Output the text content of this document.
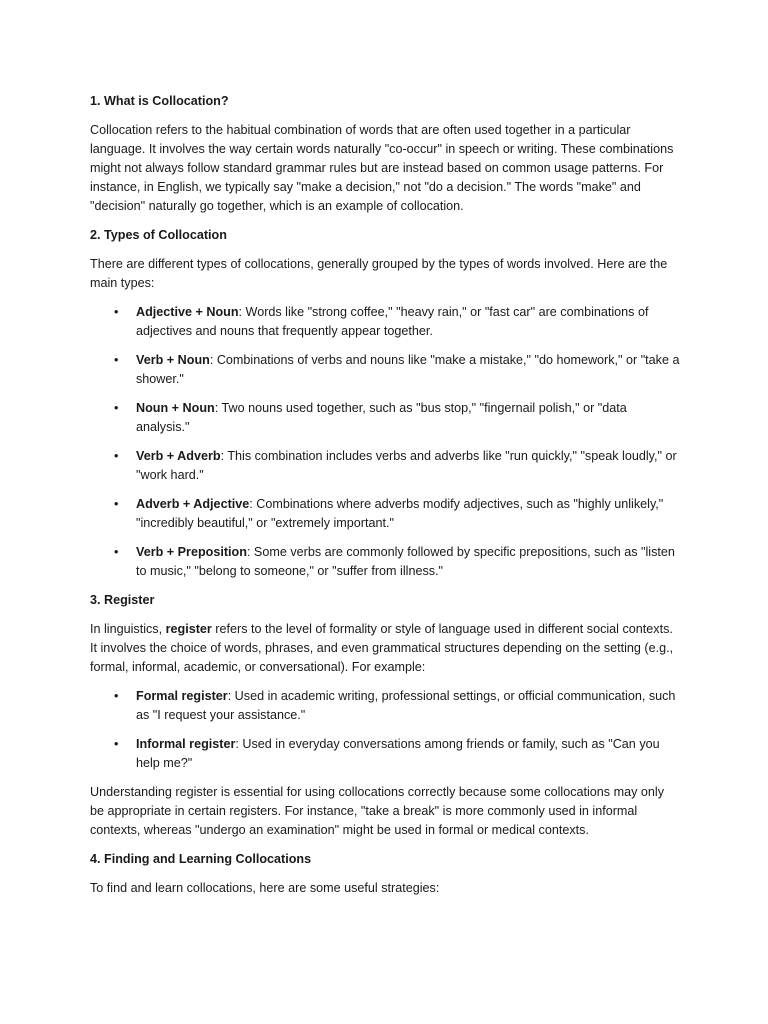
1. What is Collocation?

Collocation refers to the habitual combination of words that are often used together in a particular language. It involves the way certain words naturally "co-occur" in speech or writing. These combinations might not always follow standard grammar rules but are instead based on common usage patterns. For instance, in English, we typically say "make a decision," not "do a decision." The words "make" and "decision" naturally go together, which is an example of collocation.

2. Types of Collocation

There are different types of collocations, generally grouped by the types of words involved. Here are the main types:

• Adjective + Noun: Words like "strong coffee," "heavy rain," or "fast car" are combinations of adjectives and nouns that frequently appear together.
• Verb + Noun: Combinations of verbs and nouns like "make a mistake," "do homework," or "take a shower."
• Noun + Noun: Two nouns used together, such as "bus stop," "fingernail polish," or "data analysis."
• Verb + Adverb: This combination includes verbs and adverbs like "run quickly," "speak loudly," or "work hard."
• Adverb + Adjective: Combinations where adverbs modify adjectives, such as "highly unlikely," "incredibly beautiful," or "extremely important."
• Verb + Preposition: Some verbs are commonly followed by specific prepositions, such as "listen to music," "belong to someone," or "suffer from illness."
3. Register

In linguistics, register refers to the level of formality or style of language used in different social contexts. It involves the choice of words, phrases, and even grammatical structures depending on the setting (e.g., formal, informal, academic, or conversational). For example:

• Formal register: Used in academic writing, professional settings, or official communication, such as "I request your assistance."
• Informal register: Used in everyday conversations among friends or family, such as "Can you help me?"

Understanding register is essential for using collocations correctly because some collocations may only be appropriate in certain registers. For instance, "take a break" is more commonly used in informal contexts, whereas "undergo an examination" might be used in formal or medical contexts.

4. Finding and Learning Collocations

To find and learn collocations, here are some useful strategies:
